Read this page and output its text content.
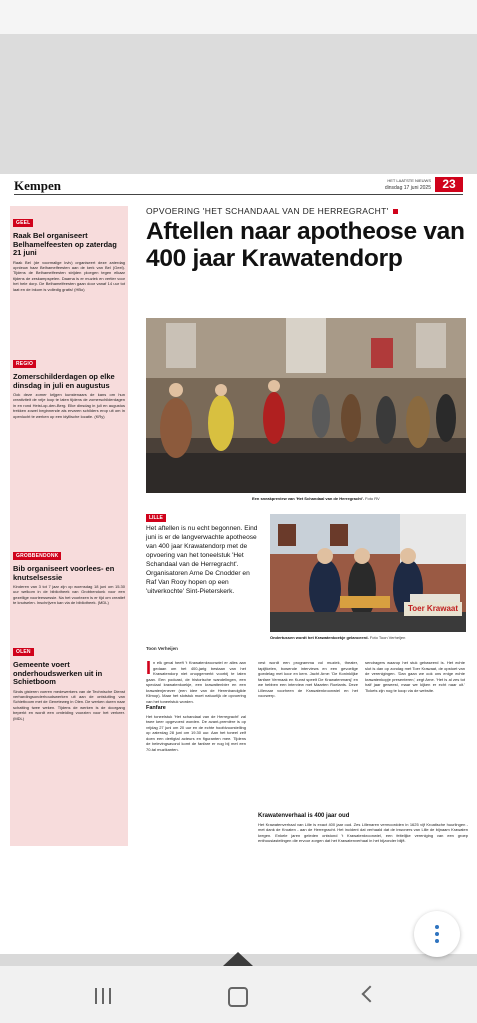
Kempen	HET LAATSTE NIEUWS
dinsdag 17 juni 2025 23
GEEL
Raak Bel organiseert Belhamelfeesten op zaterdag 21 juni
Raak Bel (de voormalige kvlv) organiseert deze zaterdag opnieuw haar Belhamelfeesten aan de kerk van Bel (Geel). Tijdens de Belhamelfeesten strijden ploegen tegen elkaar tijdens de zeskampspelen. Daarna is er muziek en vertier voor het hele dorp. De Belhamelfeesten gaan door vanaf 14 uur tot laat en de inkom is volledig gratis! (HBo)
REGIO
Zomerschilderdagen op elke dinsdag in juli en augustus
Ook deze zomer krijgen kunstenaars de kans om hun creativiteit de vrije loop te laten tijdens de zomerschilderdagen in en rond Heist-op-den-Berg. Elke dinsdag in juli en augustus trekken zowel beginnende als ervaren schilders erop uit om in openlucht te werken op een idyllische locatie. (KRy)
GROBBENDONK
Bib organiseert voorlees- en knutselsessie
Kinderen van 3 tot 7 jaar zijn op woensdag 18 juni om 15.30 uur welkom in de bibliotheek van Grobbendonk voor een gezellige voorleessessie. Na het voorlezen is er tijd om creatief te knutselen. Inschrijven kan via de bibliotheek. (MDL)
OLEN
Gemeente voert onderhoudswerken uit in Schietboom
Sinds gisteren voeren medewerkers van de Technische Dienst verhardingsonderhoudswerken uit aan de ontsluiting van Schietboom met de Geneteweg in Olen. De werken duren naar schatting twee weken. Tijdens de werken is de doorgang beperkt en wordt een omleiding voorzien voor het verkeer. (MDL)
OPVOERING 'HET SCHANDAAL VAN DE HERREGRACHT'
Aftellen naar apotheose van 400 jaar Krawatendorp
Een sneakpreview van 'Het Schandaal van de Herregracht'. Foto RV
LILLE
Het aftellen is nu echt begonnen. Eind juni is er de langverwachte apotheose van 400 jaar Krawatendorp met de opvoering van het toneelstuk 'Het Schandaal van de Herregracht'. Organisatoren Arne De Cnodder en Raf Van Rooy hopen op een 'uitverkochte' Sint-Pieterskerk.
Toon Verheijen
Toer Krawaat
Ondertussen wordt het Krawatenkoekje gelanceerd. Foto Toon Verheijen
In elk geval heeft 't Krawatenkroonwiel er alles aan gedaan om het 400-jarig bestaan van het Krawatendorp niet onopgemerkt voorbij te laten gaan. Een podcast, de historische wandelingen, een speciaal krawatenkoekje, een krawattenbier en een krawatenjenever (een idee van de Herenbandgilde Klimop). Maar het slotstuk moet natuurlijk de opvoering van het toneelstuk worden.
Fanfare
Het toneelstuk 'Het schandaal van de Herregracht' zal twee keer opgevoerd worden. De avant-première is op vrijdag 27 juni om 20 uur en de echte hoofdvoorstelling op zaterdag 28 juni om 19.30 uur. Aan het toneel zelf doen een dertigtal acteurs en figuranten mee. Tijdens de belevingsavond komt de fanfare er nog bij met een 70-tal muzikanten.
vest wordt een programma vol muziek, theater, tapijtkelen, bowende interviews en een gevoelige goedelag met koor en kern. Jacht Arne: 'De Koninklijke fanfare Vermaak en Kunst speelt De Krawatenmarsj' en we hebben een interview met Maarten Roelants. Deze Lillenaar voorheen de Krawatenkroonwiel en het voorwerp.
sendragers waarop het stuk gebaseerd is. Het echte slot is dan op zondag met Toer Krawaat, de opstoet van de verenigingen. 'Dan gaan we ook ons enige echte krawatenkopje presenteren,' zegt Arne. 'Het is al zes tot half jaar geweest, maar we kijken er echt naar uit.' Tickets zijn nog te koop via de website.
Krawatenverhaal is 400 jaar oud
Het Krawatenverhaal van Lille is exact 400 jaar oud. Zes Lillenaren vermoordden in 1625 vijf Kroatische huurlingen - met dank de Kroaten - aan de Herregracht. Het incident dat verhaald dat de inwoners van Lille de bijnaam Krawaten kregen. Enkele jaren geleden ontstond 't Krawatenkroonwiel, een feitelijke vereniging van een groep enthousiastelingen die ervoor zorgen dat het Krawatenverhaal in het bijzonder blijft.
